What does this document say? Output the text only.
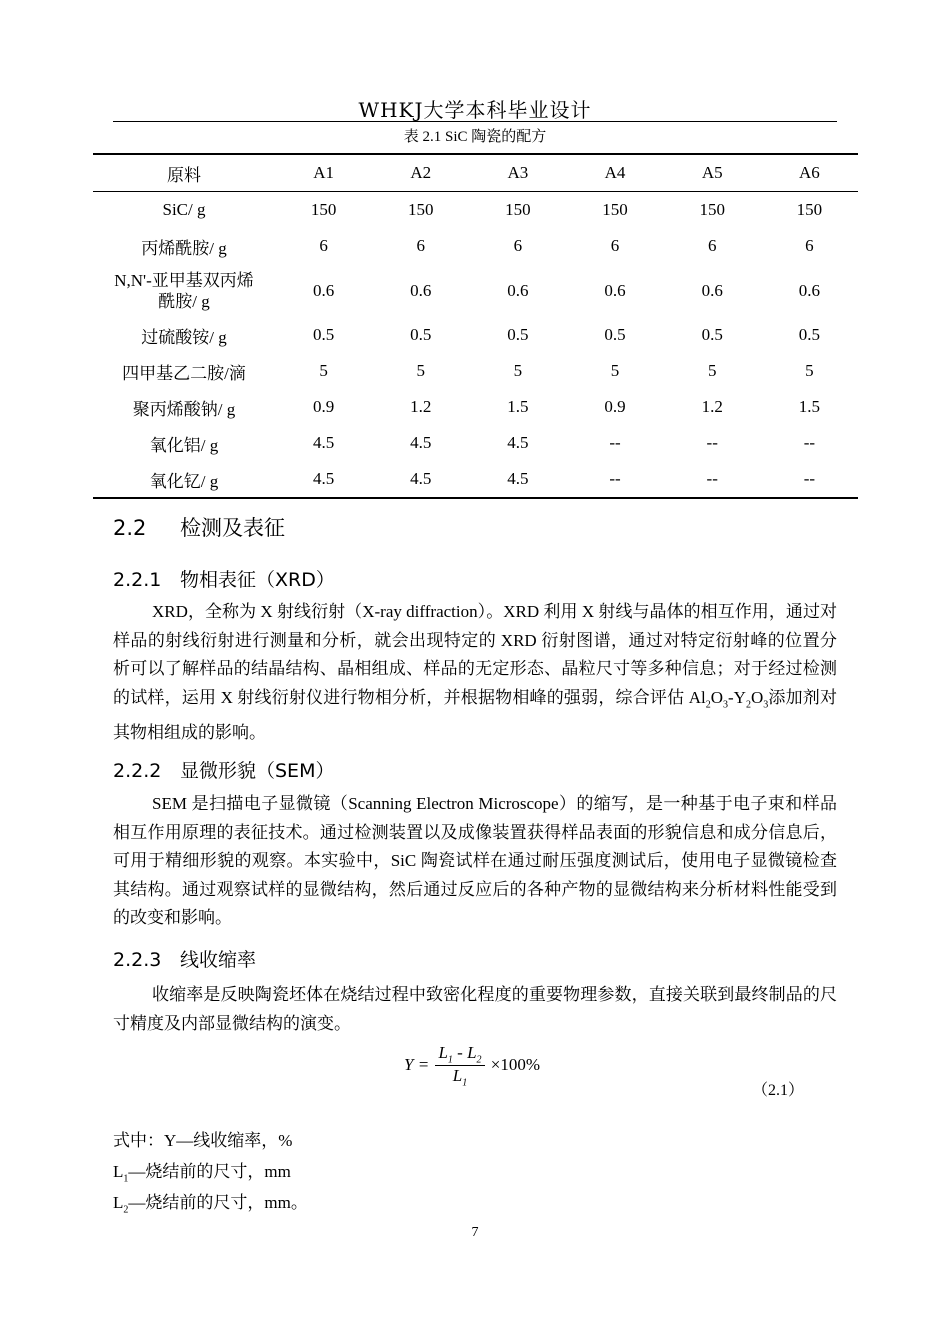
WHKJ大学本科毕业设计
表 2.1 SiC 陶瓷的配方
原料	A1	A2	A3	A4	A5	A6
SiC/ g	150	150	150	150	150	150
丙烯酰胺/ g	6	6	6	6	6	6
N,N'-亚甲基双丙烯
酰胺/ g	0.6	0.6	0.6	0.6	0.6	0.6
过硫酸铵/ g	0.5	0.5	0.5	0.5	0.5	0.5
四甲基乙二胺/滴	5	5	5	5	5	5
聚丙烯酸钠/ g	0.9	1.2	1.5	0.9	1.2	1.5
氧化铝/ g	4.5	4.5	4.5	--	--	--
氧化钇/ g	4.5	4.5	4.5	--	--	--
2.2 检测及表征
2.2.1 物相表征（XRD）
XRD，全称为 X 射线衍射（X-ray diffraction）。XRD 利用 X 射线与晶体的相互作用，通过对样品的射线衍射进行测量和分析，就会出现特定的 XRD 衍射图谱，通过对特定衍射峰的位置分析可以了解样品的结晶结构、晶相组成、样品的无定形态、晶粒尺寸等多种信息；对于经过检测的试样，运用 X 射线衍射仪进行物相分析，并根据物相峰的强弱，综合评估 $Al_2O_3-Y_2O_3$添加剂对其物相组成的影响。
2.2.2 显微形貌（SEM）
SEM 是扫描电子显微镜（Scanning Electron Microscope）的缩写，是一种基于电子束和样品相互作用原理的表征技术。通过检测装置以及成像装置获得样品表面的形貌信息和成分信息后，可用于精细形貌的观察。本实验中，SiC 陶瓷试样在通过耐压强度测试后，使用电子显微镜检查其结构。通过观察试样的显微结构，然后通过反应后的各种产物的显微结构来分析材料性能受到的改变和影响。
2.2.3 线收缩率
收缩率是反映陶瓷坯体在烧结过程中致密化程度的重要物理参数，直接关联到最终制品的尺寸精度及内部显微结构的演变。
$Y = \frac{L_1 - L_2}{L_1} \times 100\%$
（2.1）
式中：Y—线收缩率，%
$L_1—$烧结前的尺寸，mm
$L_2—$烧结前的尺寸，mm。
7
